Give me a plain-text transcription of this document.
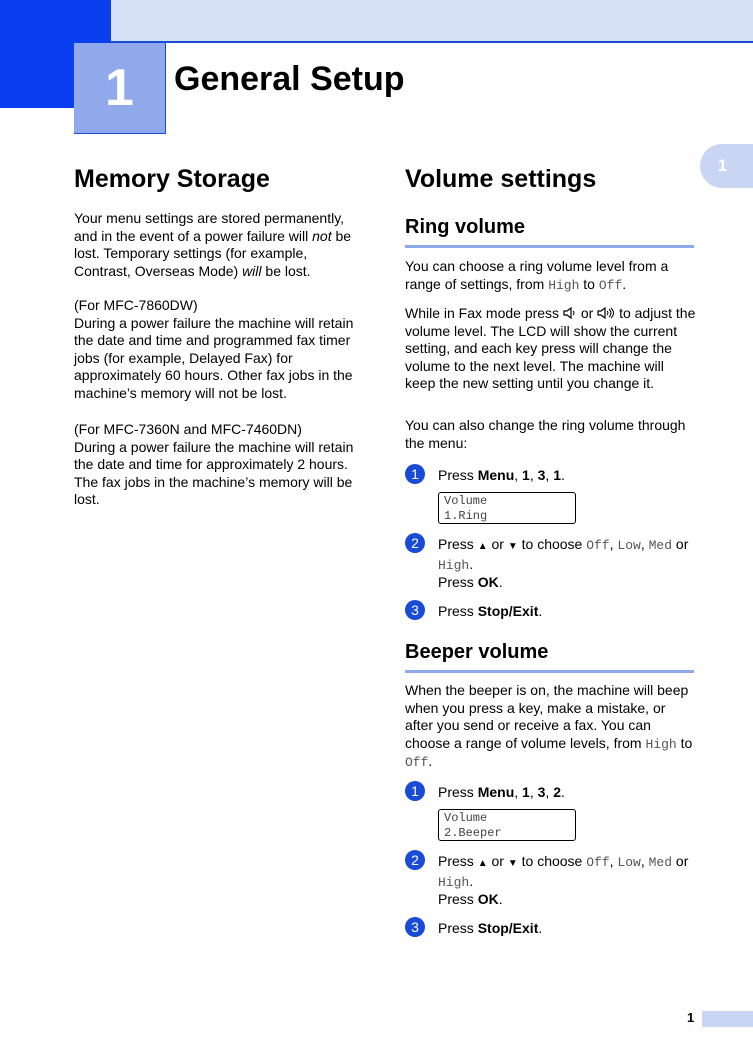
1	General Setup
1
Memory Storage
Your menu settings are stored permanently, and in the event of a power failure will not be lost. Temporary settings (for example, Contrast, Overseas Mode) will be lost.
(For MFC-7860DW)
During a power failure the machine will retain the date and time and programmed fax timer jobs (for example, Delayed Fax) for approximately 60 hours. Other fax jobs in the machine’s memory will not be lost.
(For MFC-7360N and MFC-7460DN)
During a power failure the machine will retain the date and time for approximately 2 hours. The fax jobs in the machine’s memory will be lost.
Volume settings
Ring volume
You can choose a ring volume level from a range of settings, from High to Off.
While in Fax mode press  or  to adjust the volume level. The LCD will show the current setting, and each key press will change the volume to the next level. The machine will keep the new setting until you change it.
You can also change the ring volume through the menu:
1	Press Menu, 1, 3, 1.
Volume
1.Ring
2	Press ▲ or ▼ to choose Off, Low, Med or
High.
Press OK.
3	Press Stop/Exit.
Beeper volume
When the beeper is on, the machine will beep when you press a key, make a mistake, or after you send or receive a fax. You can choose a range of volume levels, from High to Off.
1	Press Menu, 1, 3, 2.
Volume
2.Beeper
2	Press ▲ or ▼ to choose Off, Low, Med or
High.
Press OK.
3	Press Stop/Exit.
1
